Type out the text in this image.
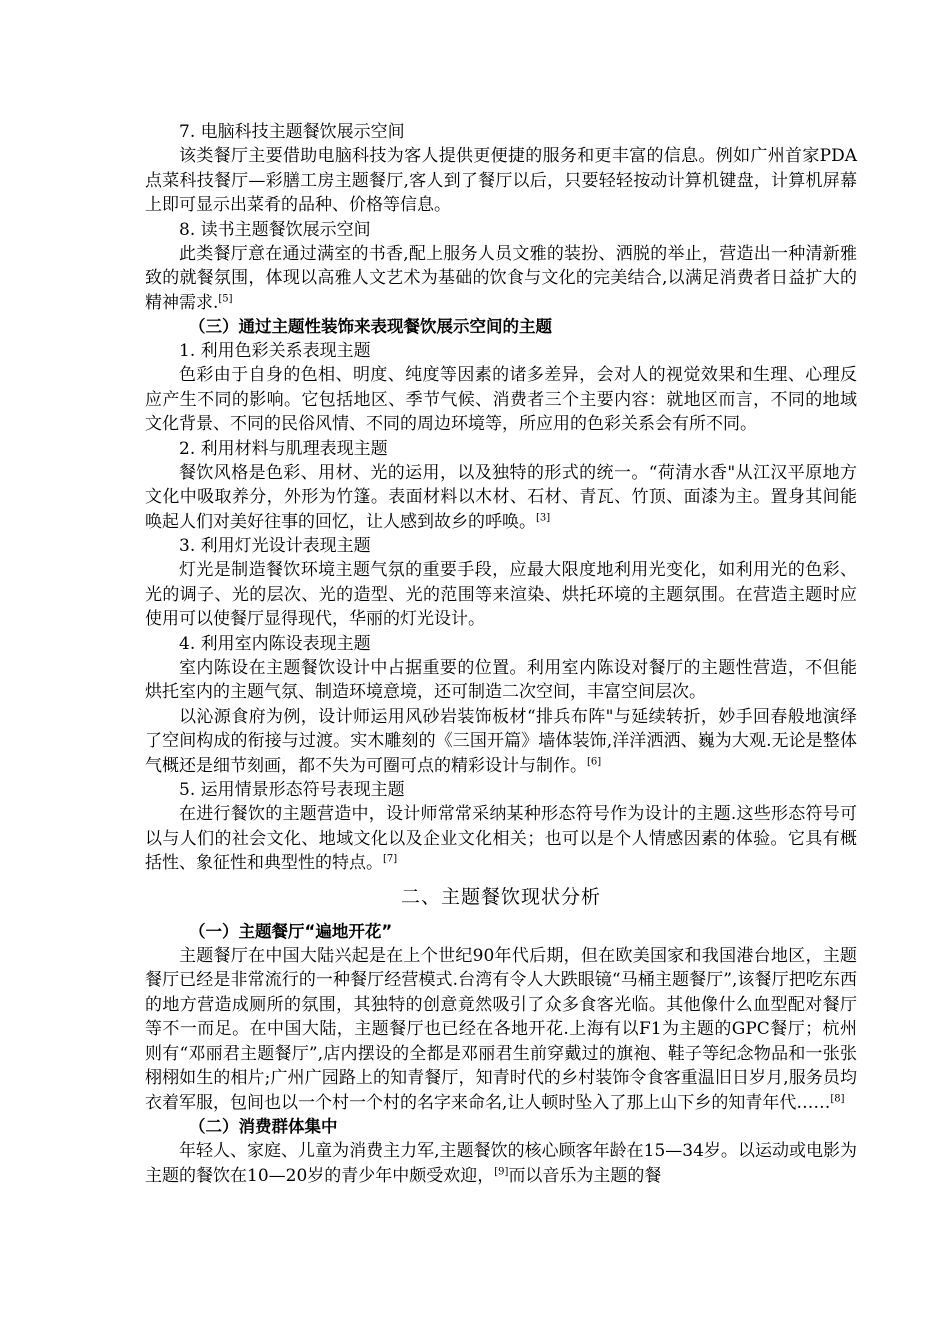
7. 电脑科技主题餐饮展示空间
该类餐厅主要借助电脑科技为客人提供更便捷的服务和更丰富的信息。例如广州首家PDA点菜科技餐厅—彩膳工房主题餐厅,客人到了餐厅以后，只要轻轻按动计算机键盘，计算机屏幕上即可显示出菜肴的品种、价格等信息。
8. 读书主题餐饮展示空间
此类餐厅意在通过满室的书香,配上服务人员文雅的装扮、洒脱的举止，营造出一种清新雅致的就餐氛围，体现以高雅人文艺术为基础的饮食与文化的完美结合,以满足消费者日益扩大的精神需求.[5]
（三）通过主题性装饰来表现餐饮展示空间的主题
1. 利用色彩关系表现主题
色彩由于自身的色相、明度、纯度等因素的诸多差异，会对人的视觉效果和生理、心理反应产生不同的影响。它包括地区、季节气候、消费者三个主要内容：就地区而言，不同的地域文化背景、不同的民俗风情、不同的周边环境等，所应用的色彩关系会有所不同。
2. 利用材料与肌理表现主题
餐饮风格是色彩、用材、光的运用，以及独特的形式的统一。“荷清水香"从江汉平原地方文化中吸取养分，外形为竹篷。表面材料以木材、石材、青瓦、竹顶、面漆为主。置身其间能唤起人们对美好往事的回忆，让人感到故乡的呼唤。[3]
3. 利用灯光设计表现主题
灯光是制造餐饮环境主题气氛的重要手段，应最大限度地利用光变化，如利用光的色彩、光的调子、光的层次、光的造型、光的范围等来渲染、烘托环境的主题氛围。在营造主题时应使用可以使餐厅显得现代，华丽的灯光设计。
4. 利用室内陈设表现主题
室内陈设在主题餐饮设计中占据重要的位置。利用室内陈设对餐厅的主题性营造，不但能烘托室内的主题气氛、制造环境意境，还可制造二次空间，丰富空间层次。
以沁源食府为例，设计师运用风砂岩装饰板材“排兵布阵"与延续转折，妙手回春般地演绎了空间构成的衔接与过渡。实木雕刻的《三国开篇》墙体装饰,洋洋洒洒、巍为大观.无论是整体气概还是细节刻画，都不失为可圈可点的精彩设计与制作。[6]
5. 运用情景形态符号表现主题
在进行餐饮的主题营造中，设计师常常采纳某种形态符号作为设计的主题.这些形态符号可以与人们的社会文化、地域文化以及企业文化相关；也可以是个人情感因素的体验。它具有概括性、象征性和典型性的特点。[7]
二、主题餐饮现状分析
（一）主题餐厅“遍地开花”
主题餐厅在中国大陆兴起是在上个世纪90年代后期，但在欧美国家和我国港台地区，主题餐厅已经是非常流行的一种餐厅经营模式.台湾有令人大跌眼镜“马桶主题餐厅”,该餐厅把吃东西的地方营造成厕所的氛围，其独特的创意竟然吸引了众多食客光临。其他像什么血型配对餐厅等不一而足。在中国大陆，主题餐厅也已经在各地开花.上海有以F1为主题的GPC餐厅；杭州则有“邓丽君主题餐厅”,店内摆设的全都是邓丽君生前穿戴过的旗袍、鞋子等纪念物品和一张张栩栩如生的相片;广州广园路上的知青餐厅，知青时代的乡村装饰令食客重温旧日岁月,服务员均衣着军服，包间也以一个村一个村的名字来命名,让人顿时坠入了那上山下乡的知青年代……[8]
（二）消费群体集中
年轻人、家庭、儿童为消费主力军,主题餐饮的核心顾客年龄在15—34岁。以运动或电影为主题的餐饮在10—20岁的青少年中颇受欢迎，[9]而以音乐为主题的餐
